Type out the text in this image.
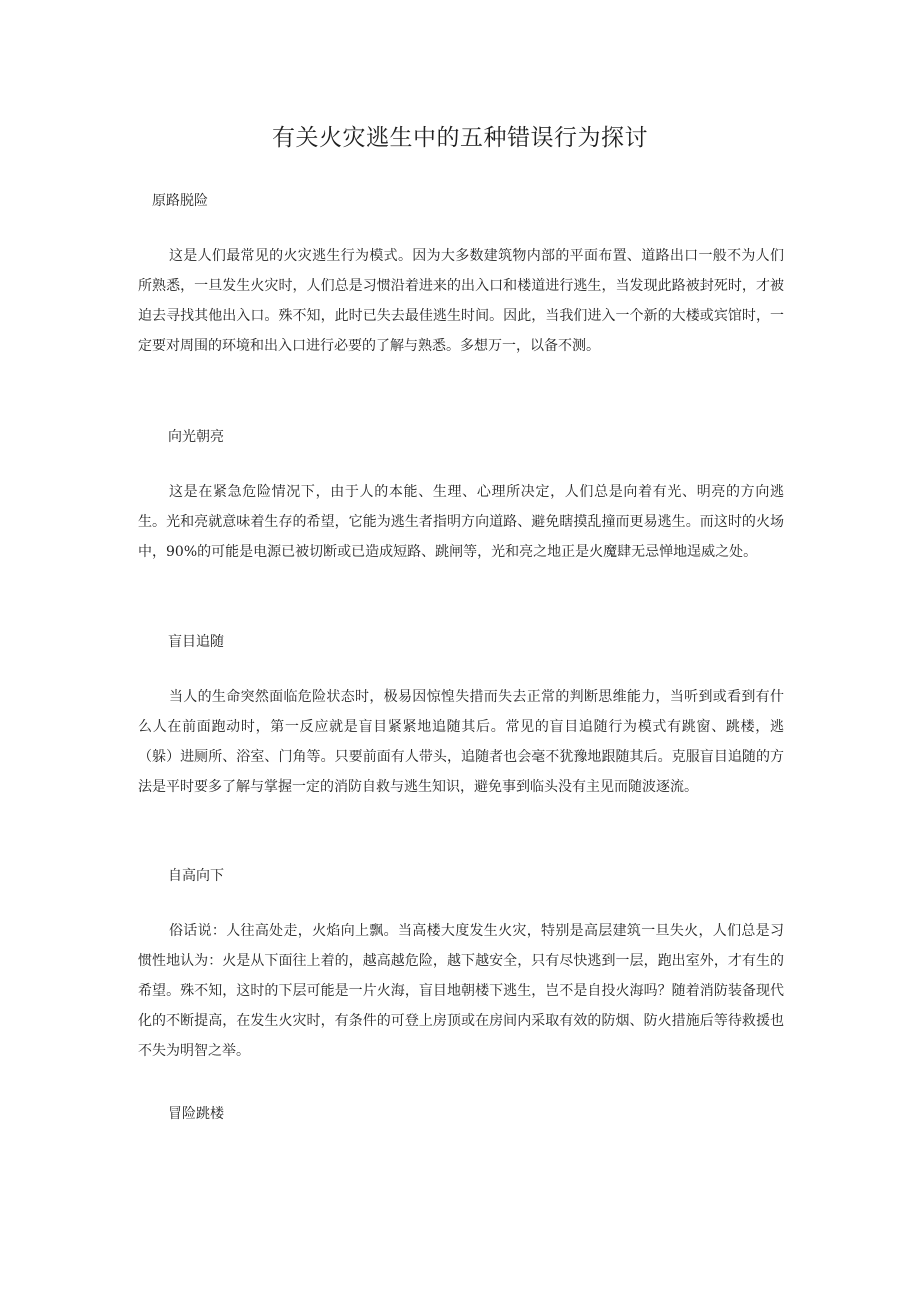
有关火灾逃生中的五种错误行为探讨
原路脱险
这是人们最常见的火灾逃生行为模式。因为大多数建筑物内部的平面布置、道路出口一般不为人们所熟悉，一旦发生火灾时，人们总是习惯沿着进来的出入口和楼道进行逃生，当发现此路被封死时，才被迫去寻找其他出入口。殊不知，此时已失去最佳逃生时间。因此，当我们进入一个新的大楼或宾馆时，一定要对周围的环境和出入口进行必要的了解与熟悉。多想万一，以备不测。
向光朝亮
这是在紧急危险情况下，由于人的本能、生理、心理所决定，人们总是向着有光、明亮的方向逃生。光和亮就意味着生存的希望，它能为逃生者指明方向道路、避免瞎摸乱撞而更易逃生。而这时的火场中，90%的可能是电源已被切断或已造成短路、跳闸等，光和亮之地正是火魔肆无忌惮地逞威之处。
盲目追随
当人的生命突然面临危险状态时，极易因惊惶失措而失去正常的判断思维能力，当听到或看到有什么人在前面跑动时，第一反应就是盲目紧紧地追随其后。常见的盲目追随行为模式有跳窗、跳楼，逃（躲）进厕所、浴室、门角等。只要前面有人带头，追随者也会毫不犹豫地跟随其后。克服盲目追随的方法是平时要多了解与掌握一定的消防自救与逃生知识，避免事到临头没有主见而随波逐流。
自高向下
俗话说：人往高处走，火焰向上飘。当高楼大度发生火灾，特别是高层建筑一旦失火，人们总是习惯性地认为：火是从下面往上着的，越高越危险，越下越安全，只有尽快逃到一层，跑出室外，才有生的希望。殊不知，这时的下层可能是一片火海，盲目地朝楼下逃生，岂不是自投火海吗？随着消防装备现代化的不断提高，在发生火灾时，有条件的可登上房顶或在房间内采取有效的防烟、防火措施后等待救援也不失为明智之举。
冒险跳楼
